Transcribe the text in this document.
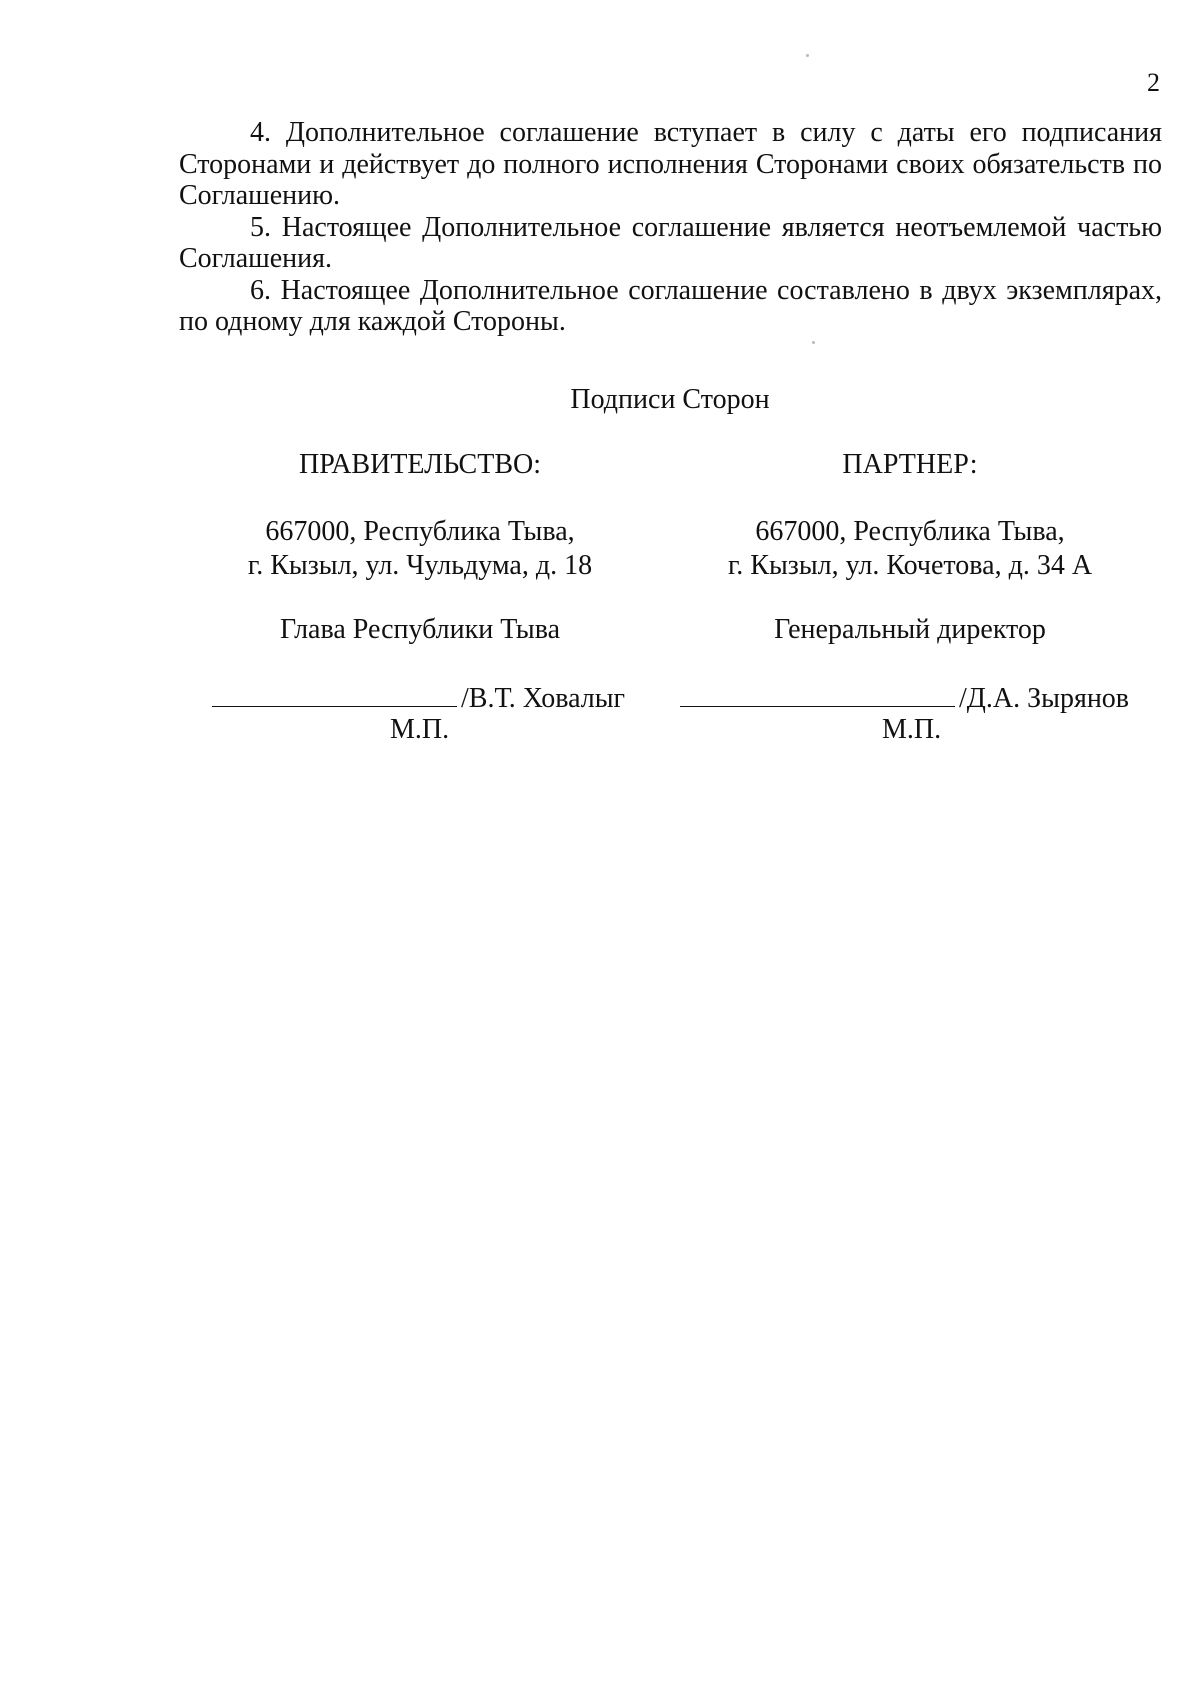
2

4. Дополнительное соглашение вступает в силу с даты его подписания Сторонами и действует до полного исполнения Сторонами своих обязательств по Соглашению.

5. Настоящее Дополнительное соглашение является неотъемлемой частью Соглашения.

6. Настоящее Дополнительное соглашение составлено в двух экземплярах, по одному для каждой Стороны.

Подписи Сторон
ПРАВИТЕЛЬСТВО:
667000, Республика Тыва,
г. Кызыл, ул. Чульдума, д. 18
Глава Республики Тыва
/В.Т. Ховалыг
М.П.
ПАРТНЕР:
667000, Республика Тыва,
г. Кызыл, ул. Кочетова, д. 34 А
Генеральный директор
/Д.А. Зырянов
М.П.
